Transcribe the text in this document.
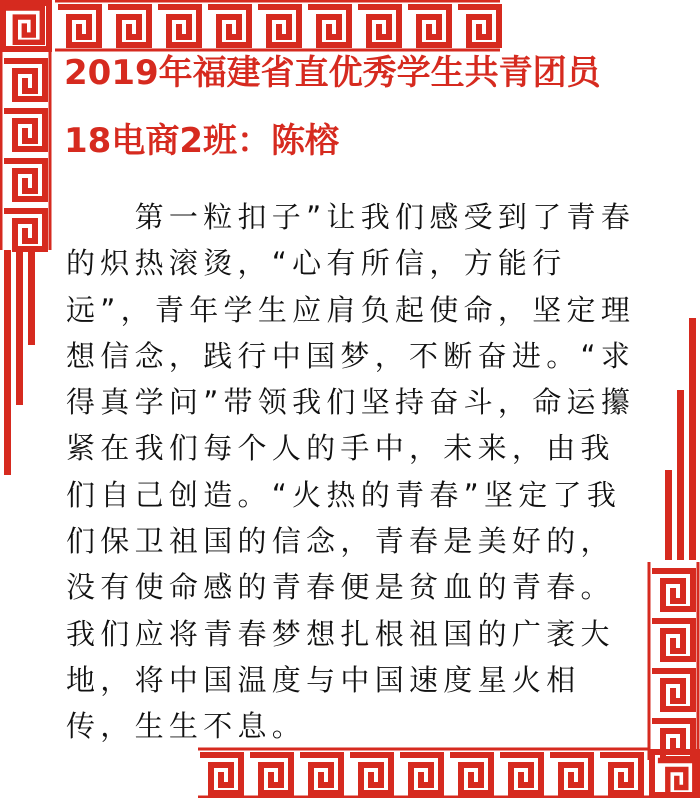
2019年福建省直优秀学生共青团员
18电商2班：陈榕

　　第一粒扣子”让我们感受到了青春的炽热滚烫，“心有所信，方能行远”，青年学生应肩负起使命，坚定理想信念，践行中国梦，不断奋进。“求得真学问”带领我们坚持奋斗，命运攥紧在我们每个人的手中，未来，由我们自己创造。“火热的青春”坚定了我们保卫祖国的信念，青春是美好的，没有使命感的青春便是贫血的青春。我们应将青春梦想扎根祖国的广袤大地，将中国温度与中国速度星火相传，生生不息。
